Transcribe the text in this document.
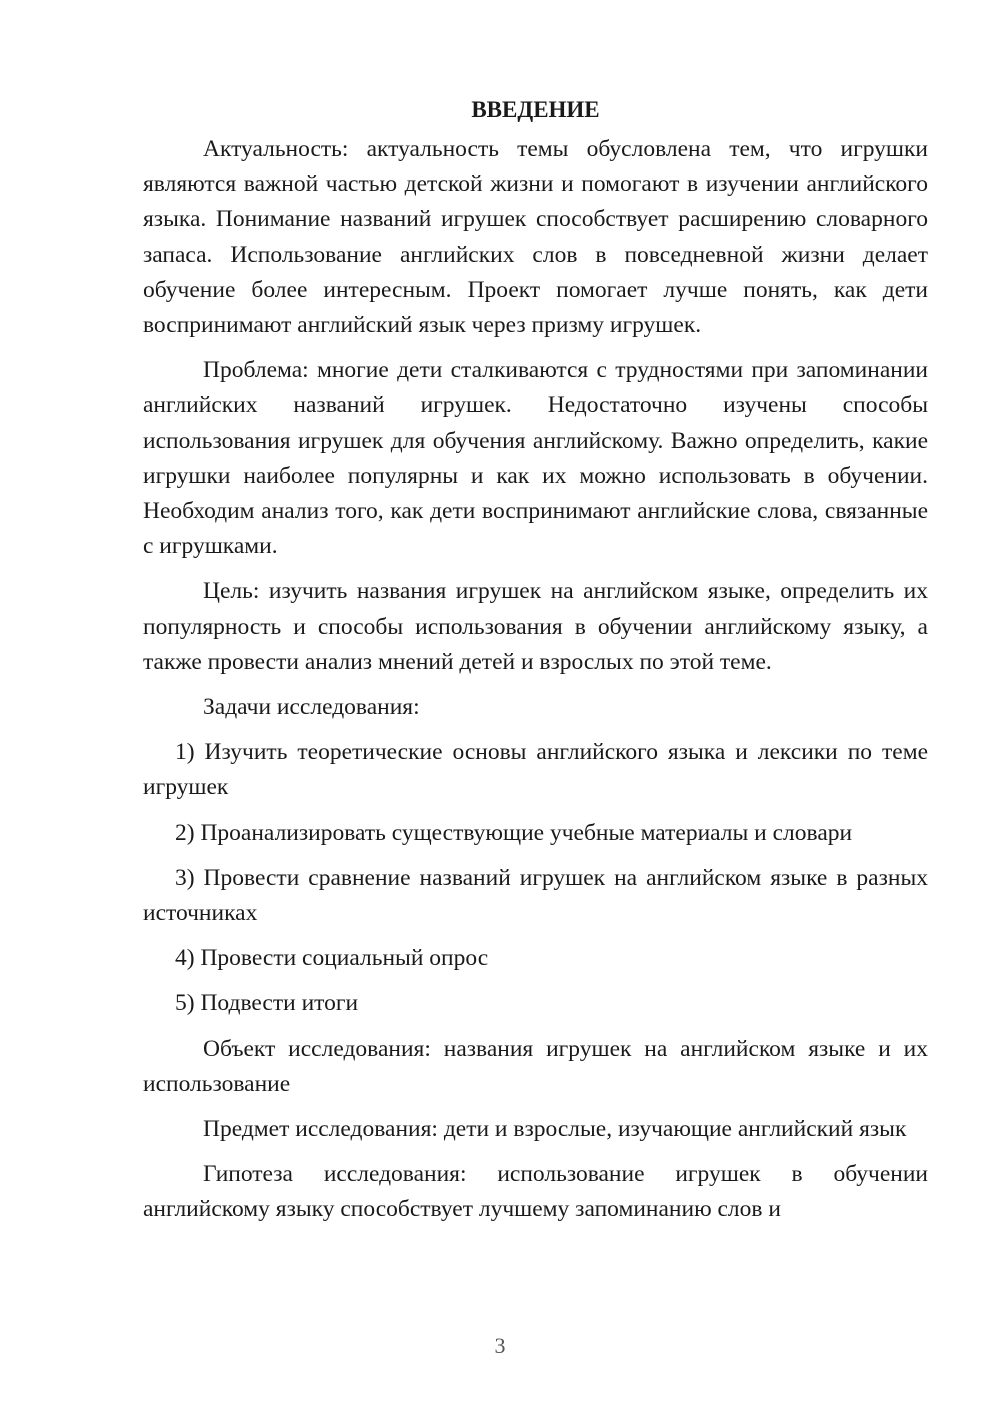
ВВЕДЕНИЕ

Актуальность: актуальность темы обусловлена тем, что игрушки являются важной частью детской жизни и помогают в изучении английского языка. Понимание названий игрушек способствует расширению словарного запаса. Использование английских слов в повседневной жизни делает обучение более интересным. Проект помогает лучше понять, как дети воспринимают английский язык через призму игрушек.

Проблема: многие дети сталкиваются с трудностями при запоминании английских названий игрушек. Недостаточно изучены способы использования игрушек для обучения английскому. Важно определить, какие игрушки наиболее популярны и как их можно использовать в обучении. Необходим анализ того, как дети воспринимают английские слова, связанные с игрушками.

Цель: изучить названия игрушек на английском языке, определить их популярность и способы использования в обучении английскому языку, а также провести анализ мнений детей и взрослых по этой теме.

Задачи исследования:

1) Изучить теоретические основы английского языка и лексики по теме игрушек

2) Проанализировать существующие учебные материалы и словари

3) Провести сравнение названий игрушек на английском языке в разных источниках

4) Провести социальный опрос

5) Подвести итоги

Объект исследования: названия игрушек на английском языке и их использование

Предмет исследования: дети и взрослые, изучающие английский язык

Гипотеза исследования: использование игрушек в обучении английскому языку способствует лучшему запоминанию слов и

3
